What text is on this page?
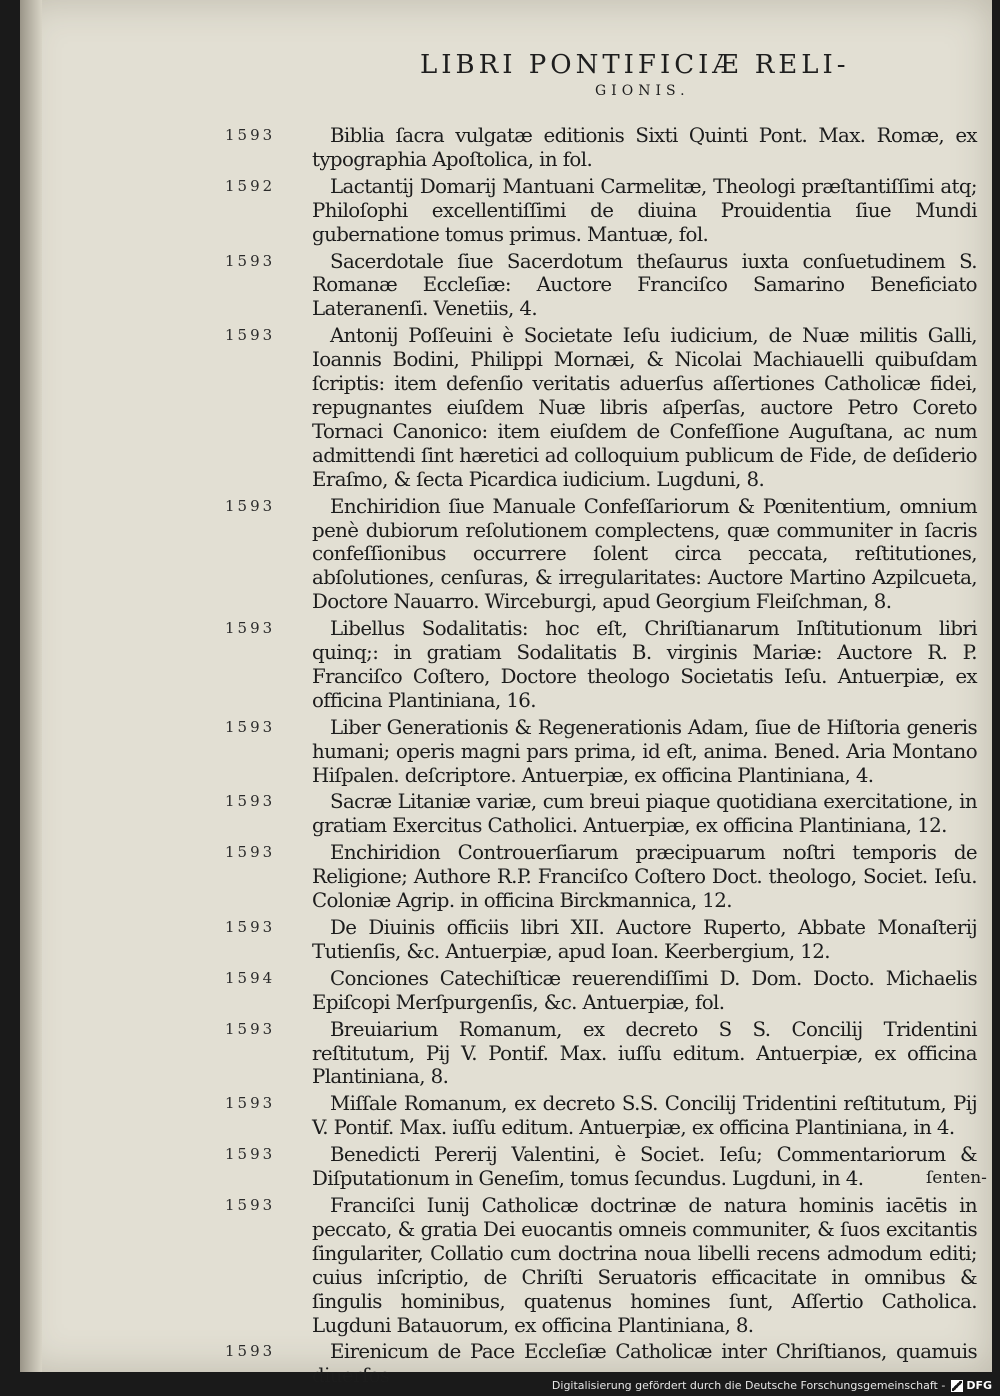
LIBRI PONTIFICIÆ RELI-
GIONIS.
1593	Biblia ſacra vulgatæ editionis Sixti Quinti Pont. Max. Romæ, ex typographia Apoſtolica, in fol.
1592	Lactantij Domarij Mantuani Carmelitæ, Theologi præſtantiſſimi atq; Philoſophi excellentiſſimi de diuina Prouidentia ſiue Mundi gubernatione tomus primus. Mantuæ, fol.
1593	Sacerdotale ſiue Sacerdotum theſaurus iuxta conſuetudinem S. Romanæ Eccleſiæ: Auctore Franciſco Samarino Beneficiato Lateranenſi. Venetiis, 4.
1593	Antonij Poſſeuini è Societate Ieſu iudicium, de Nuæ militis Galli, Ioannis Bodini, Philippi Mornæi, & Nicolai Machiauelli quibuſdam ſcriptis: item defenſio veritatis aduerſus aſſertiones Catholicæ fidei, repugnantes eiuſdem Nuæ libris aſperſas, auctore Petro Coreto Tornaci Canonico: item eiuſdem de Confeſſione Auguſtana, ac num admittendi ſint hæretici ad colloquium publicum de Fide, de deſiderio Eraſmo, & ſecta Picardica iudicium. Lugduni, 8.
1593	Enchiridion ſiue Manuale Confeſſariorum & Pœnitentium, omnium penè dubiorum reſolutionem complectens, quæ communiter in ſacris confeſſionibus occurrere ſolent circa peccata, reſtitutiones, abſolutiones, cenſuras, & irregularitates: Auctore Martino Azpilcueta, Doctore Nauarro. Wirceburgi, apud Georgium Fleiſchman, 8.
1593	Libellus Sodalitatis: hoc eſt, Chriſtianarum Inſtitutionum libri quinq;: in gratiam Sodalitatis B. virginis Mariæ: Auctore R. P. Franciſco Coſtero, Doctore theologo Societatis Ieſu. Antuerpiæ, ex officina Plantiniana, 16.
1593	Liber Generationis & Regenerationis Adam, ſiue de Hiſtoria generis humani; operis magni pars prima, id eſt, anima. Bened. Aria Montano Hiſpalen. deſcriptore. Antuerpiæ, ex officina Plantiniana, 4.
1593	Sacræ Litaniæ variæ, cum breui piaque quotidiana exercitatione, in gratiam Exercitus Catholici. Antuerpiæ, ex officina Plantiniana, 12.
1593	Enchiridion Controuerſiarum præcipuarum noſtri temporis de Religione; Authore R.P. Franciſco Coſtero Doct. theologo, Societ. Ieſu. Coloniæ Agrip. in officina Birckmannica, 12.
1593	De Diuinis officiis libri XII. Auctore Ruperto, Abbate Monaſterij Tutienſis, &c. Antuerpiæ, apud Ioan. Keerbergium, 12.
1594	Conciones Catechiſticæ reuerendiſſimi D. Dom. Docto. Michaelis Epiſcopi Merſpurgenſis, &c. Antuerpiæ, fol.
1593	Breuiarium Romanum, ex decreto S S. Concilij Tridentini reſtitutum, Pij V. Pontif. Max. iuſſu editum. Antuerpiæ, ex officina Plantiniana, 8.
1593	Miſſale Romanum, ex decreto S.S. Concilij Tridentini reſtitutum, Pij V. Pontif. Max. iuſſu editum. Antuerpiæ, ex officina Plantiniana, in 4.
1593	Benedicti Pererij Valentini, è Societ. Ieſu; Commentariorum & Diſputationum in Geneſim, tomus ſecundus. Lugduni, in 4.
1593	Franciſci Iunij Catholicæ doctrinæ de natura hominis iacētis in peccato, & gratia Dei euocantis omneis communiter, & ſuos excitantis ſingulariter, Collatio cum doctrina noua libelli recens admodum editi; cuius inſcriptio, de Chriſti Seruatoris efficacitate in omnibus & ſingulis hominibus, quatenus homines ſunt, Aſſertio Catholica. Lugduni Batauorum, ex officina Plantiniana, 8.
1593	Eirenicum de Pace Eccleſiæ Catholicæ inter Chriſtianos, quamuis diuerſos
ſenten-
Digitalisierung gefördert durch die Deutsche Forschungsgemeinschaft - DFG
